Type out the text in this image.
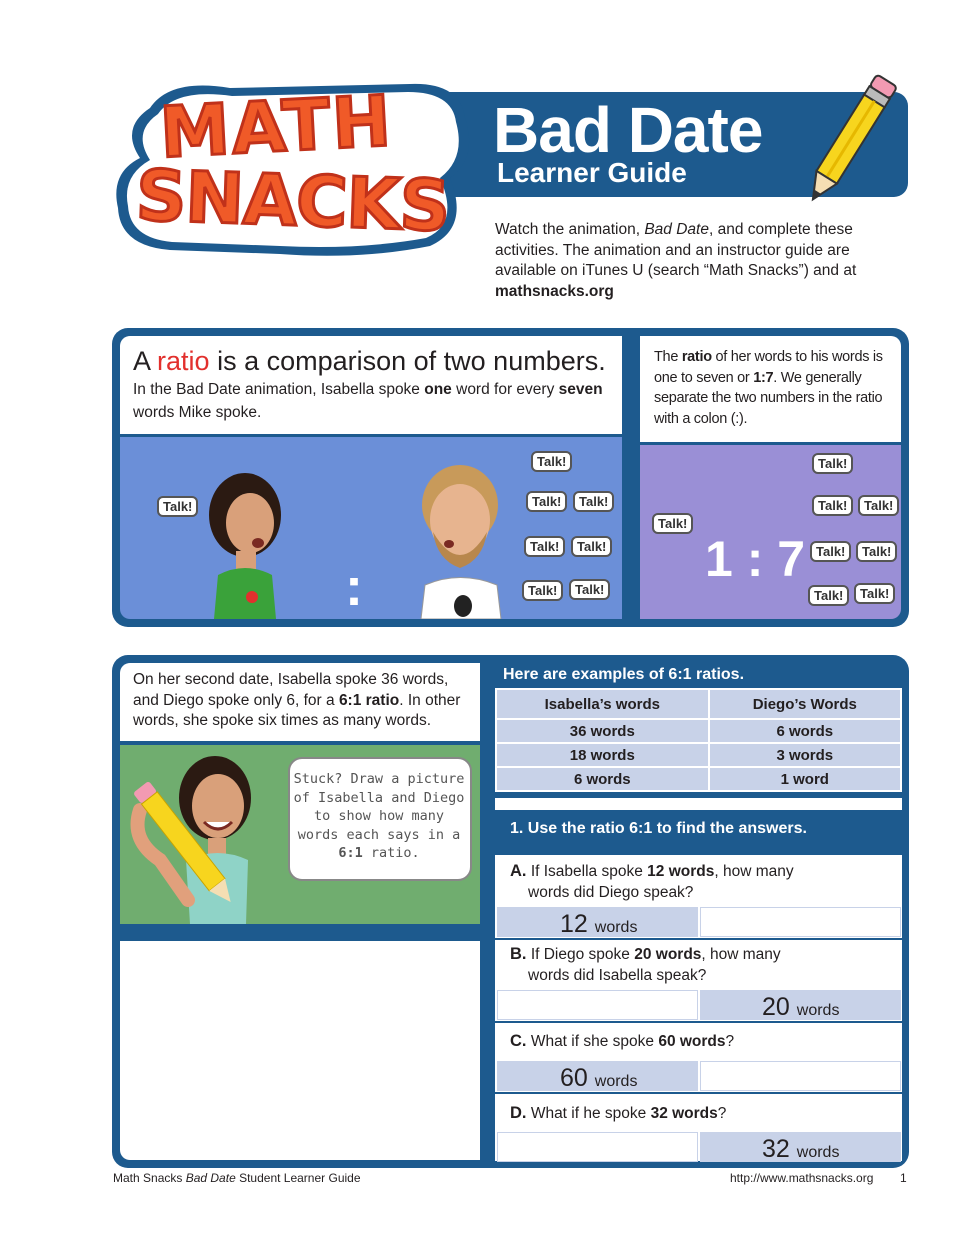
MATH
SNACKS
Bad Date
Learner Guide
Watch the animation, Bad Date, and complete these activities. The animation and an instructor guide are available on iTunes U (search “Math Snacks”) and at mathsnacks.org
A ratio is a comparison of two numbers.
In the Bad Date animation, Isabella spoke one word for every seven words Mike spoke.
The ratio of her words to his words is one to seven or 1:7. We generally separate the two numbers in the ratio with a colon (:).
:
Talk!
Talk!
Talk!	Talk!
Talk!	Talk!
Talk!	Talk!
Talk!
Talk!
Talk!	Talk!
Talk!	Talk!
Talk!	Talk!
1 : 7
On her second date, Isabella spoke 36 words, and Diego spoke only 6, for a 6:1 ratio. In other words, she spoke six times as many words.
Stuck? Draw a picture of Isabella and Diego to show how many words each says in a 6:1 ratio.
Here are examples of 6:1 ratios.
Isabella’s words	Diego’s Words
36 words	6 words
18 words	3 words
6 words	1 word
1. Use the ratio 6:1 to find the answers.
A. If Isabella spoke 12 words, how many
words did Diego speak?
12 words
B. If Diego spoke 20 words, how many
words did Isabella speak?
20 words
C. What if she spoke 60 words?
60 words
D. What if he spoke 32 words?
32 words
Math Snacks Bad Date Student Learner Guide	http://www.mathsnacks.org 1
